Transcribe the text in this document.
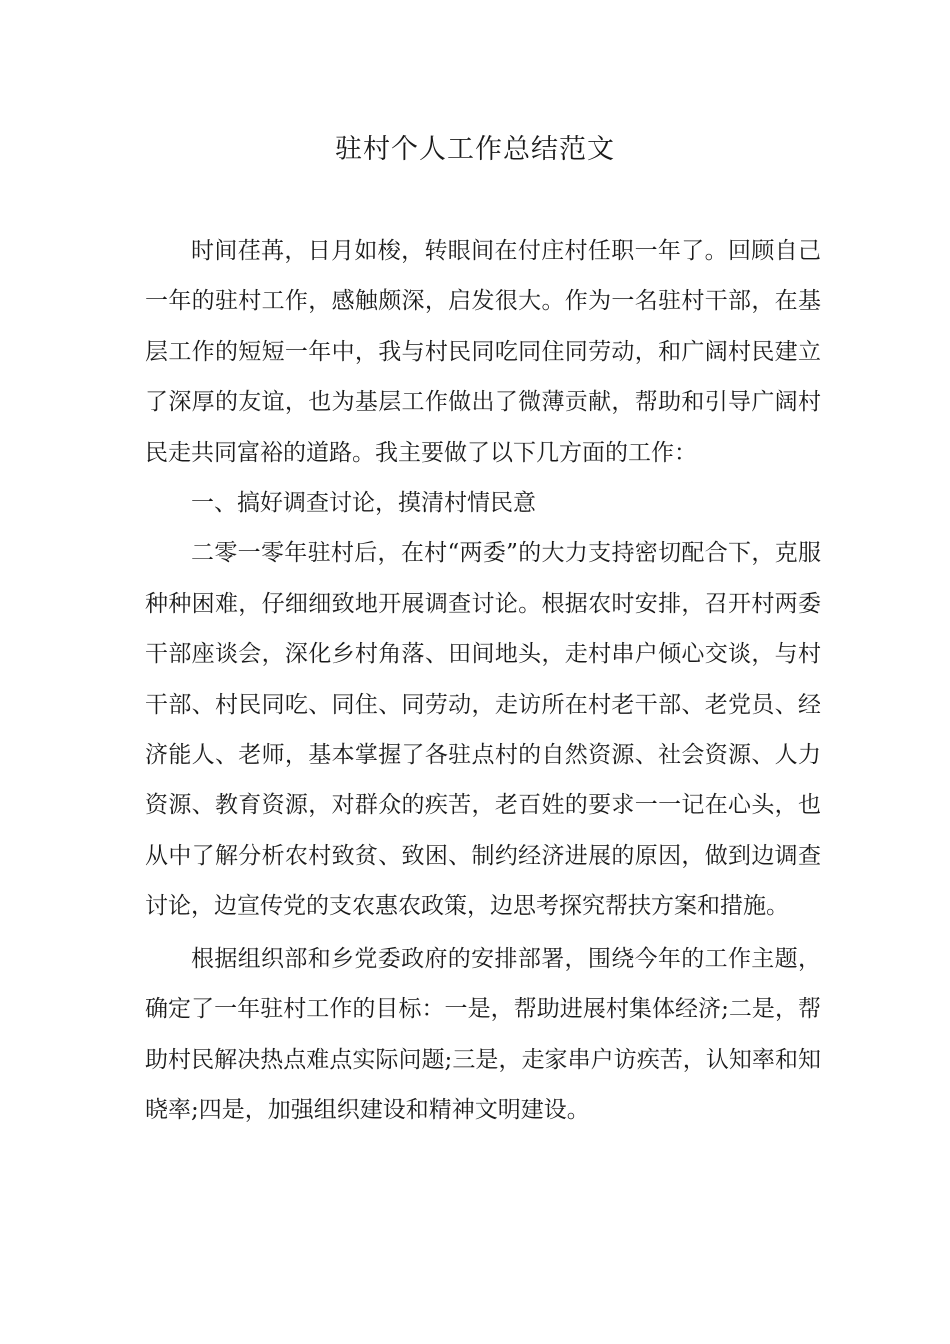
驻村个人工作总结范文

时间荏苒，日月如梭，转眼间在付庄村任职一年了。回顾自己一年的驻村工作，感触颇深，启发很大。作为一名驻村干部，在基层工作的短短一年中，我与村民同吃同住同劳动，和广阔村民建立了深厚的友谊，也为基层工作做出了微薄贡献，帮助和引导广阔村民走共同富裕的道路。我主要做了以下几方面的工作：

一、搞好调查讨论，摸清村情民意

二零一零年驻村后，在村“两委”的大力支持密切配合下，克服种种困难，仔细细致地开展调查讨论。根据农时安排，召开村两委干部座谈会，深化乡村角落、田间地头，走村串户倾心交谈，与村干部、村民同吃、同住、同劳动，走访所在村老干部、老党员、经济能人、老师，基本掌握了各驻点村的自然资源、社会资源、人力资源、教育资源，对群众的疾苦，老百姓的要求一一记在心头，也从中了解分析农村致贫、致困、制约经济进展的原因，做到边调查讨论，边宣传党的支农惠农政策，边思考探究帮扶方案和措施。

根据组织部和乡党委政府的安排部署，围绕今年的工作主题，确定了一年驻村工作的目标：一是，帮助进展村集体经济;二是，帮助村民解决热点难点实际问题;三是，走家串户访疾苦，认知率和知晓率;四是，加强组织建设和精神文明建设。
